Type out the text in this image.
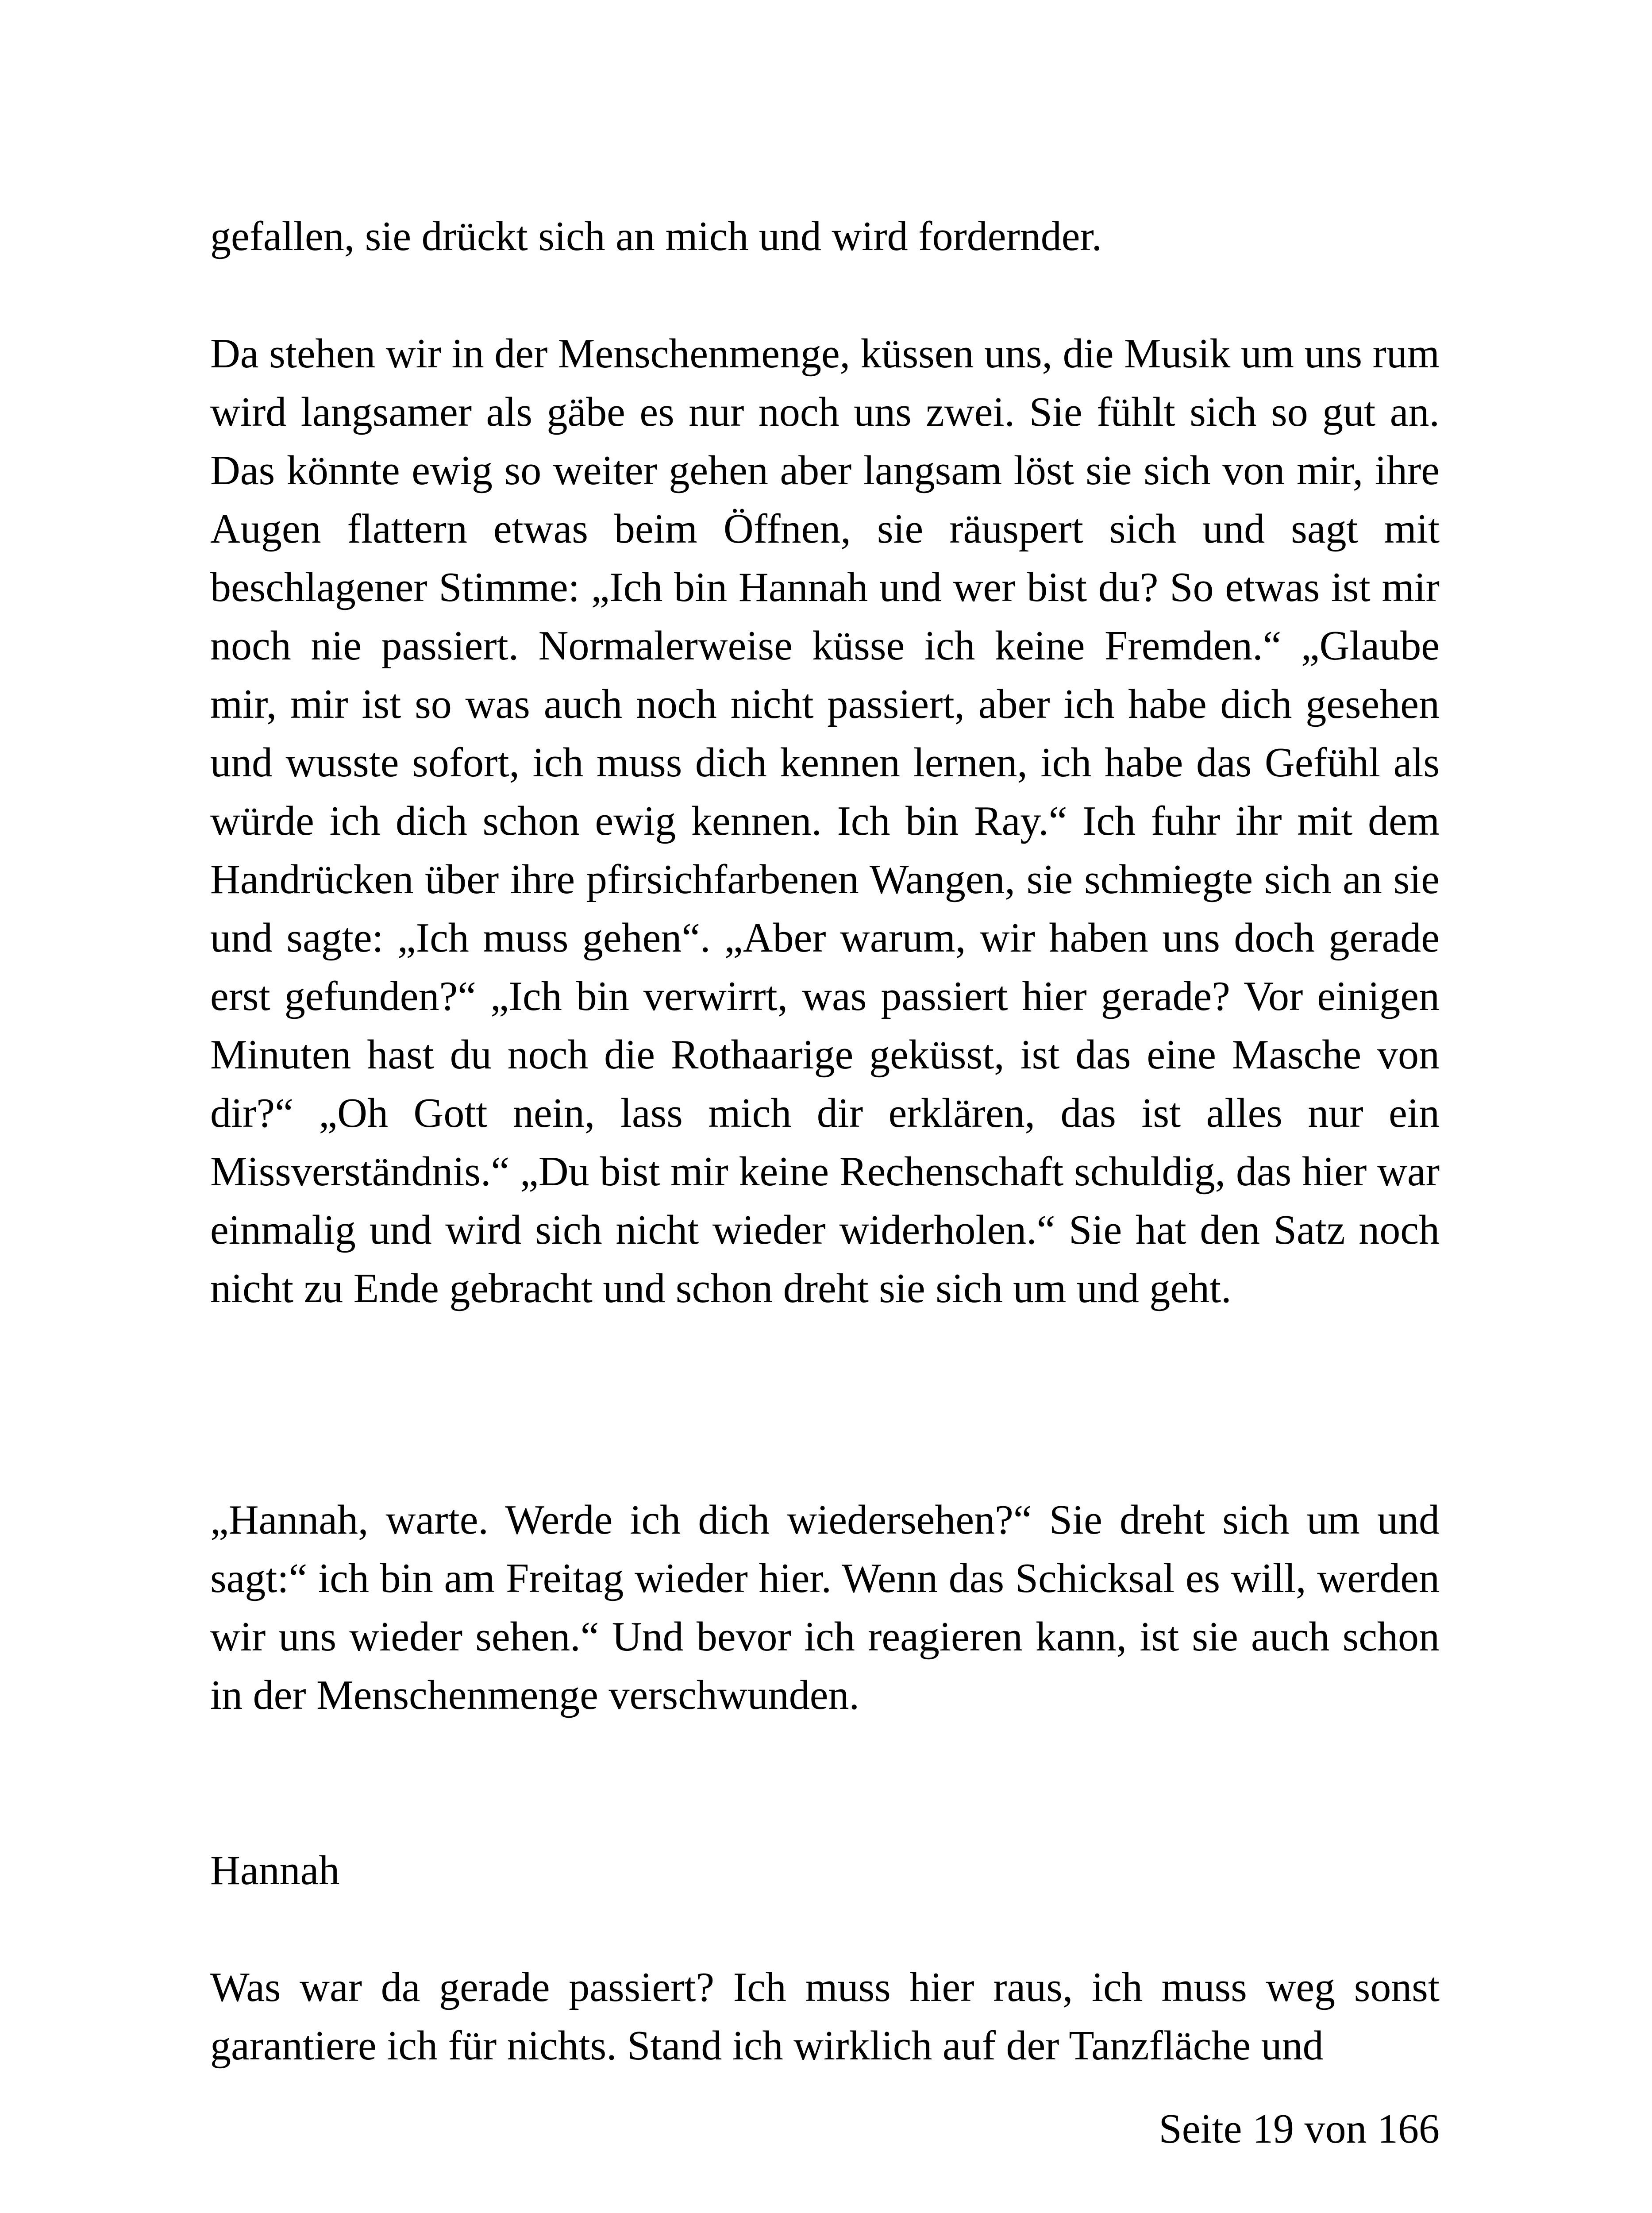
gefallen, sie drückt sich an mich und wird fordernder.

Da stehen wir in der Menschenmenge, küssen uns, die Musik um uns rum wird langsamer als gäbe es nur noch uns zwei. Sie fühlt sich so gut an. Das könnte ewig so weiter gehen aber langsam löst sie sich von mir, ihre Augen flattern etwas beim Öffnen, sie räuspert sich und sagt mit beschlagener Stimme: „Ich bin Hannah und wer bist du? So etwas ist mir noch nie passiert. Normalerweise küsse ich keine Fremden.“ „Glaube mir, mir ist so was auch noch nicht passiert, aber ich habe dich gesehen und wusste sofort, ich muss dich kennen lernen, ich habe das Gefühl als würde ich dich schon ewig kennen. Ich bin Ray.“ Ich fuhr ihr mit dem Handrücken über ihre pfirsichfarbenen Wangen, sie schmiegte sich an sie und sagte: „Ich muss gehen“. „Aber warum, wir haben uns doch gerade erst gefunden?“ „Ich bin verwirrt, was passiert hier gerade? Vor einigen Minuten hast du noch die Rothaarige geküsst, ist das eine Masche von dir?“ „Oh Gott nein, lass mich dir erklären, das ist alles nur ein Missverständnis.“ „Du bist mir keine Rechenschaft schuldig, das hier war einmalig und wird sich nicht wieder widerholen.“ Sie hat den Satz noch nicht zu Ende gebracht und schon dreht sie sich um und geht.

„Hannah, warte. Werde ich dich wiedersehen?“ Sie dreht sich um und sagt:“ ich bin am Freitag wieder hier. Wenn das Schicksal es will, werden wir uns wieder sehen.“ Und bevor ich reagieren kann, ist sie auch schon in der Menschenmenge verschwunden.

Hannah

Was war da gerade passiert? Ich muss hier raus, ich muss weg sonst garantiere ich für nichts. Stand ich wirklich auf der Tanzfläche und

Seite 19 von 166
